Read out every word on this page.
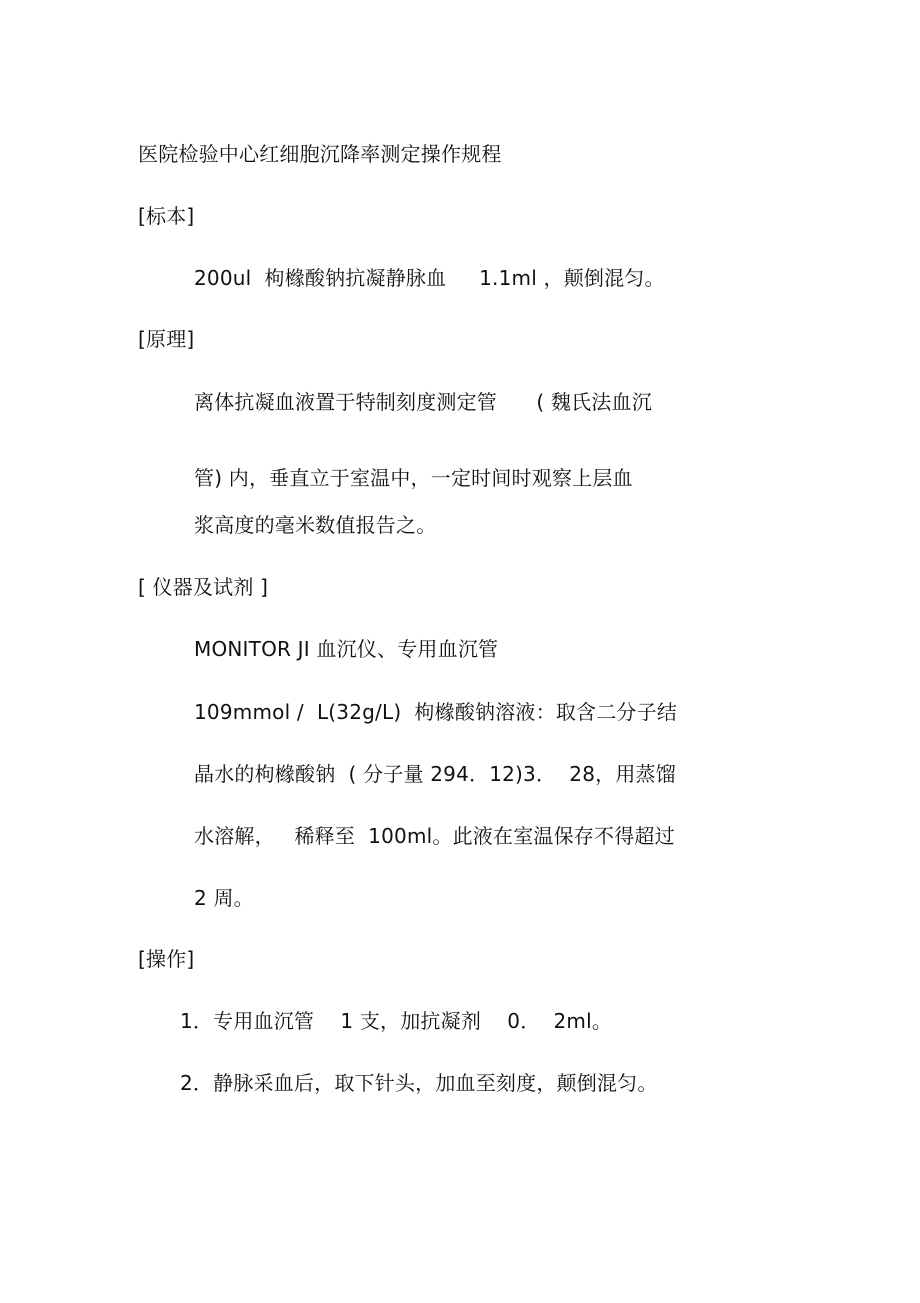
医院检验中心红细胞沉降率测定操作规程
[标本]
200ul  枸橼酸钠抗凝静脉血     1.1ml ，颠倒混匀。
[原理]
离体抗凝血液置于特制刻度测定管      ( 魏氏法血沉
管) 内，垂直立于室温中，一定时间时观察上层血
浆高度的毫米数值报告之。
[ 仪器及试剂 ]
MONITOR JI 血沉仪、专用血沉管
109mmol /  L(32g/L)  枸橼酸钠溶液：取含二分子结
晶水的枸橼酸钠  ( 分子量 294．12)3．  28，用蒸馏
水溶解，   稀释至  100ml。此液在室温保存不得超过
2 周。
[操作]
1．专用血沉管    1 支，加抗凝剂    0．  2ml。
2．静脉采血后，取下针头，加血至刻度，颠倒混匀。
